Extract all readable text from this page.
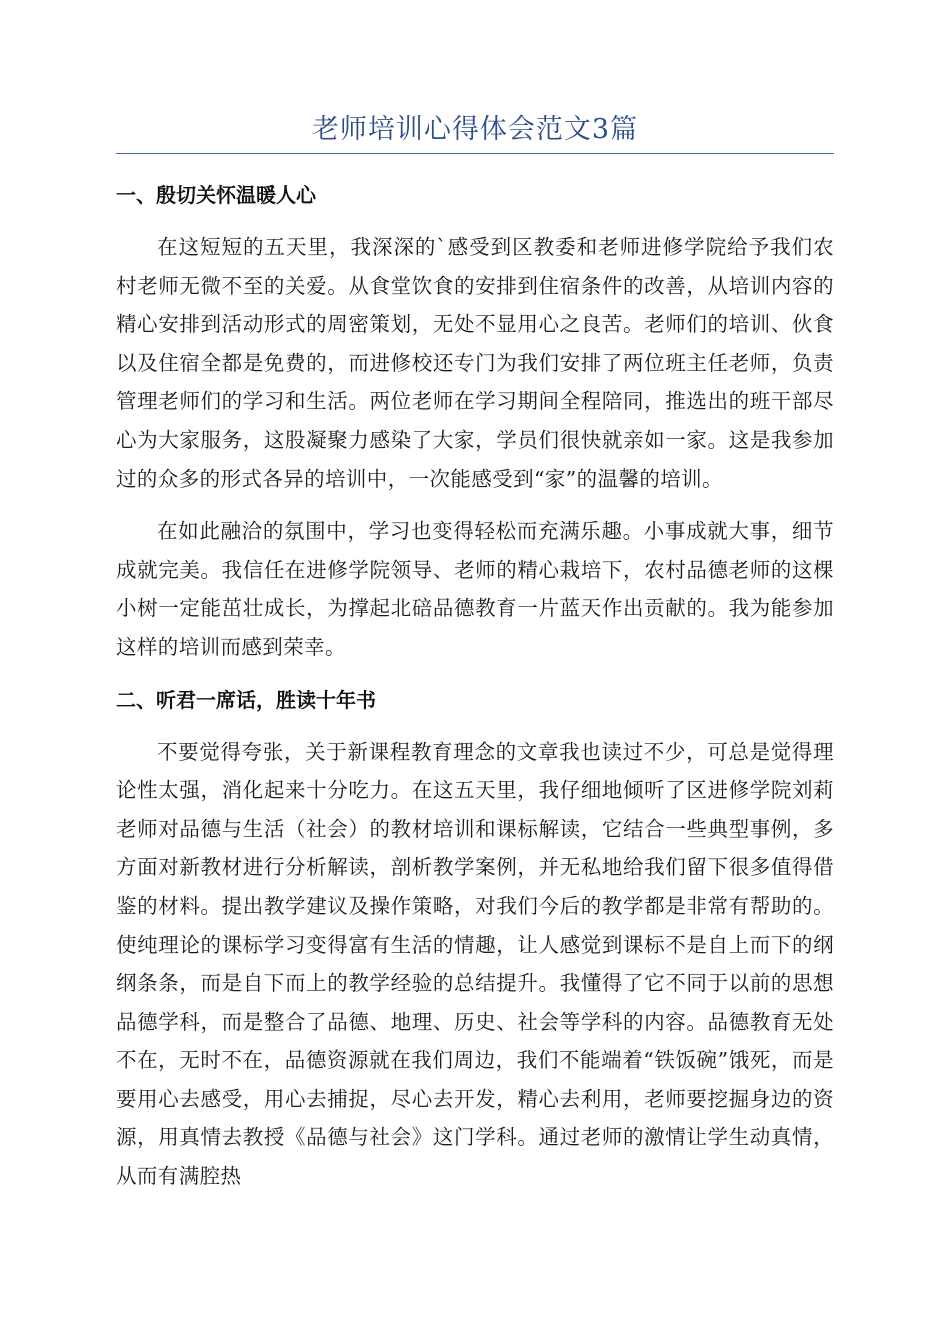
老师培训心得体会范文3篇
一、殷切关怀温暖人心

在这短短的五天里，我深深的`感受到区教委和老师进修学院给予我们农村老师无微不至的关爱。从食堂饮食的安排到住宿条件的改善，从培训内容的精心安排到活动形式的周密策划，无处不显用心之良苦。老师们的培训、伙食以及住宿全都是免费的，而进修校还专门为我们安排了两位班主任老师，负责管理老师们的学习和生活。两位老师在学习期间全程陪同，推选出的班干部尽心为大家服务，这股凝聚力感染了大家，学员们很快就亲如一家。这是我参加过的众多的形式各异的培训中，一次能感受到“家”的温馨的培训。

在如此融洽的氛围中，学习也变得轻松而充满乐趣。小事成就大事，细节成就完美。我信任在进修学院领导、老师的精心栽培下，农村品德老师的这棵小树一定能茁壮成长，为撑起北碚品德教育一片蓝天作出贡献的。我为能参加这样的培训而感到荣幸。

二、听君一席话，胜读十年书

不要觉得夸张，关于新课程教育理念的文章我也读过不少，可总是觉得理论性太强，消化起来十分吃力。在这五天里，我仔细地倾听了区进修学院刘莉老师对品德与生活（社会）的教材培训和课标解读，它结合一些典型事例，多方面对新教材进行分析解读，剖析教学案例，并无私地给我们留下很多值得借鉴的材料。提出教学建议及操作策略，对我们今后的教学都是非常有帮助的。使纯理论的课标学习变得富有生活的情趣，让人感觉到课标不是自上而下的纲纲条条，而是自下而上的教学经验的总结提升。我懂得了它不同于以前的思想品德学科，而是整合了品德、地理、历史、社会等学科的内容。品德教育无处不在，无时不在，品德资源就在我们周边，我们不能端着“铁饭碗”饿死，而是要用心去感受，用心去捕捉，尽心去开发，精心去利用，老师要挖掘身边的资源，用真情去教授《品德与社会》这门学科。通过老师的激情让学生动真情，从而有满腔热
